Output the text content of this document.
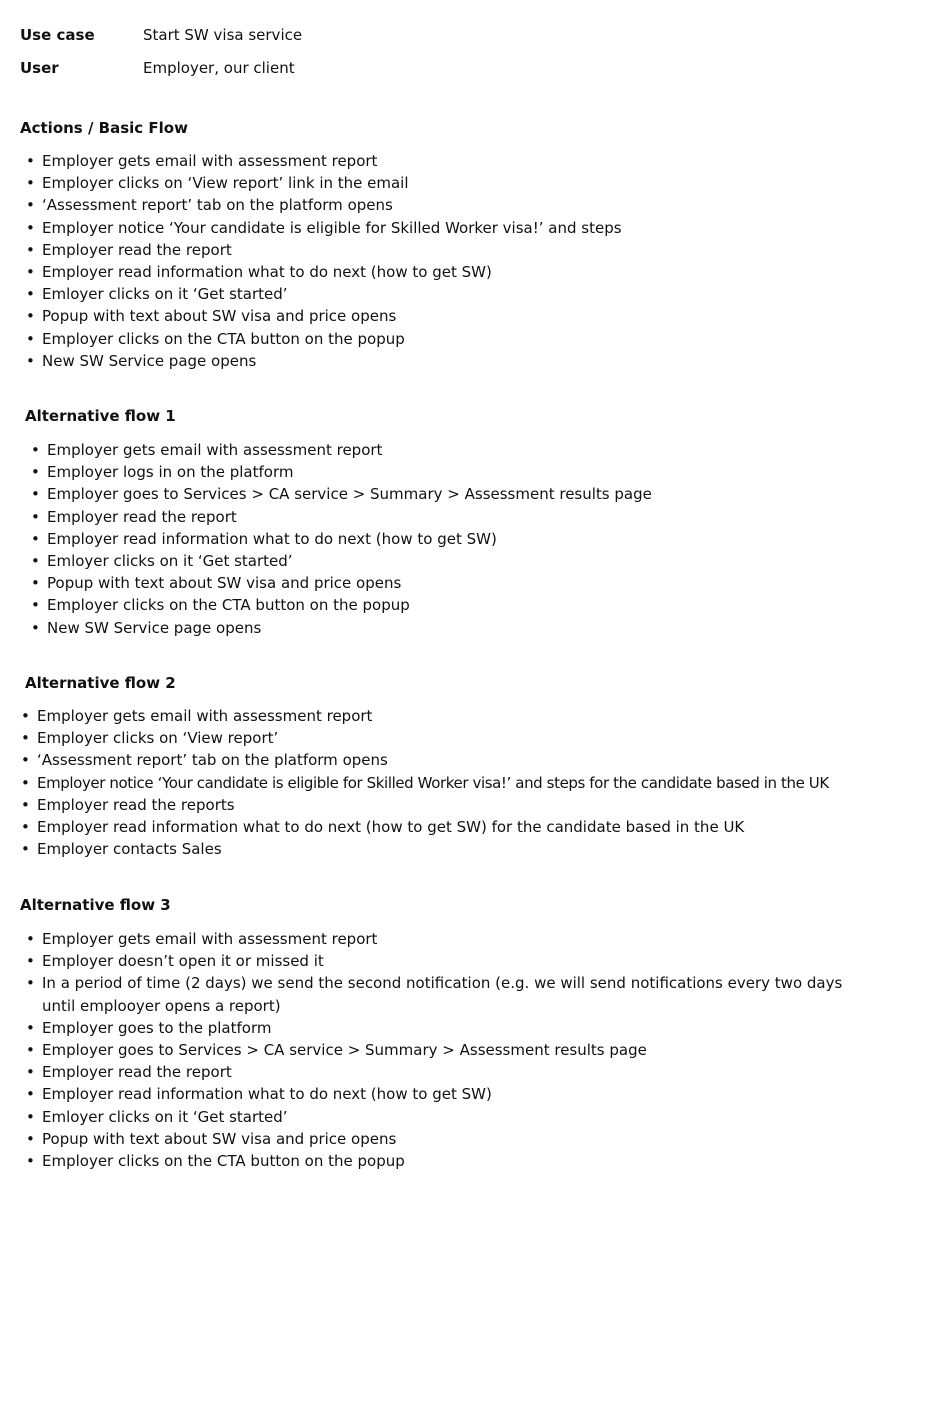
Use case	Start SW visa service
User	Employer, our client
Actions / Basic Flow
• Employer gets email with assessment report
• Employer clicks on ‘View report’ link in the email
• ‘Assessment report’ tab on the platform opens
• Employer notice ‘Your candidate is eligible for Skilled Worker visa!’ and steps
• Employer read the report
• Employer read information what to do next (how to get SW)
• Emloyer clicks on it ‘Get started’
• Popup with text about SW visa and price opens
• Employer clicks on the CTA button on the popup
• New SW Service page opens
Alternative flow 1
• Employer gets email with assessment report
• Employer logs in on the platform
• Employer goes to Services > CA service > Summary > Assessment results page
• Employer read the report
• Employer read information what to do next (how to get SW)
• Emloyer clicks on it ‘Get started’
• Popup with text about SW visa and price opens
• Employer clicks on the CTA button on the popup
• New SW Service page opens
Alternative flow 2
• Employer gets email with assessment report
• Employer clicks on ‘View report’
• ‘Assessment report’ tab on the platform opens
• Employer notice ‘Your candidate is eligible for Skilled Worker visa!’ and steps for the candidate based in the UK
• Employer read the reports
• Employer read information what to do next (how to get SW) for the candidate based in the UK
• Employer contacts Sales
Alternative flow 3
• Employer gets email with assessment report
• Employer doesn’t open it or missed it
• In a period of time (2 days) we send the second notification (e.g. we will send notifications every two days until emplooyer opens a report)
• Employer goes to the platform
• Employer goes to Services > CA service > Summary > Assessment results page
• Employer read the report
• Employer read information what to do next (how to get SW)
• Emloyer clicks on it ‘Get started’
• Popup with text about SW visa and price opens
• Employer clicks on the CTA button on the popup
